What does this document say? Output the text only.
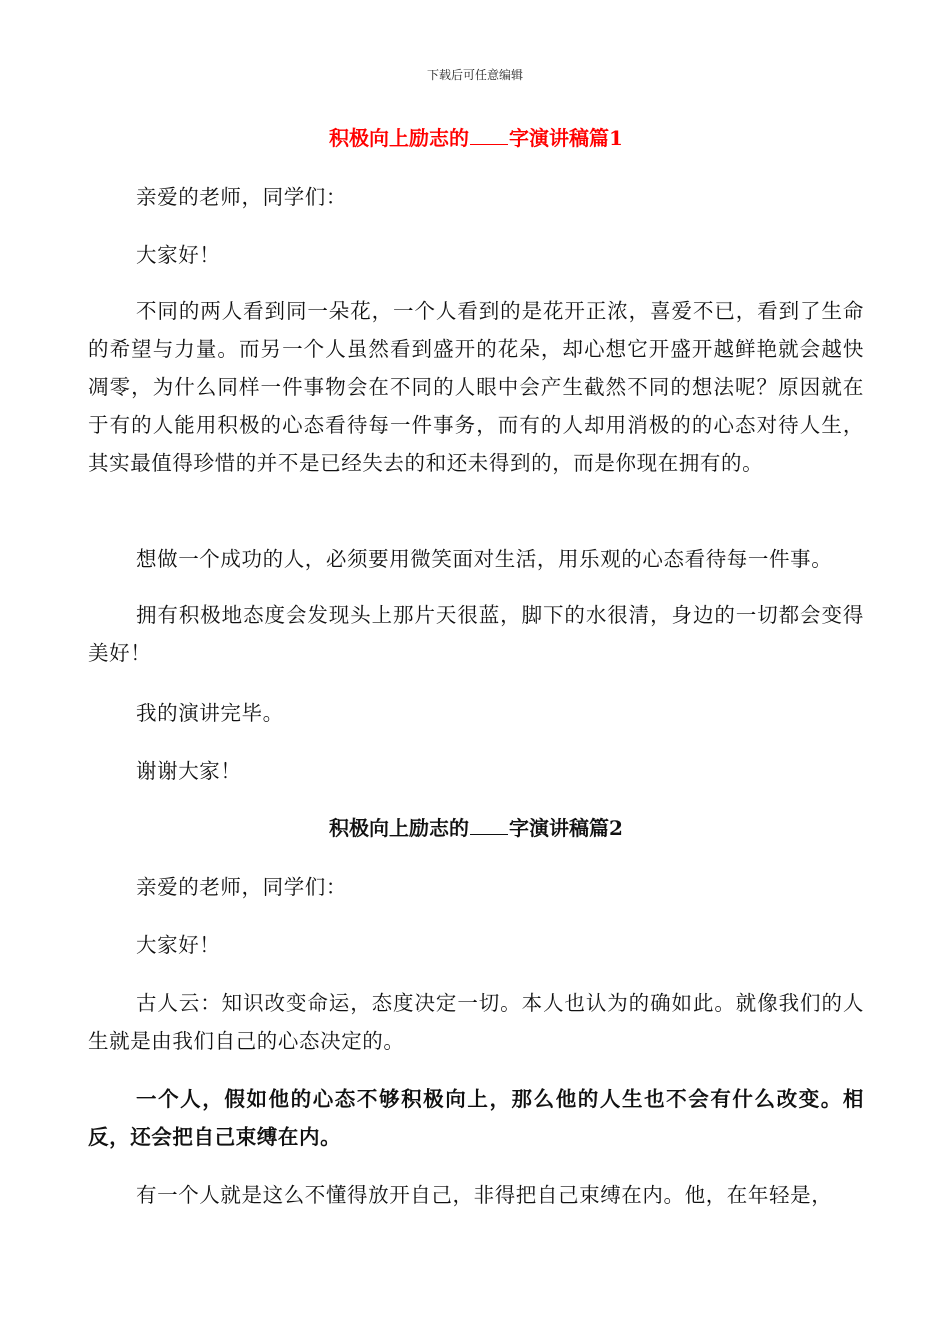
下载后可任意编辑
积极向上励志的 字演讲稿篇1
亲爱的老师，同学们：
大家好！
不同的两人看到同一朵花，一个人看到的是花开正浓，喜爱不已，看到了生命的希望与力量。而另一个人虽然看到盛开的花朵，却心想它开盛开越鲜艳就会越快凋零，为什么同样一件事物会在不同的人眼中会产生截然不同的想法呢？原因就在于有的人能用积极的心态看待每一件事务，而有的人却用消极的的心态对待人生，其实最值得珍惜的并不是已经失去的和还未得到的，而是你现在拥有的。
想做一个成功的人，必须要用微笑面对生活，用乐观的心态看待每一件事。
拥有积极地态度会发现头上那片天很蓝，脚下的水很清，身边的一切都会变得美好！
我的演讲完毕。
谢谢大家！
积极向上励志的 字演讲稿篇2
亲爱的老师，同学们：
大家好！
古人云：知识改变命运，态度决定一切。本人也认为的确如此。就像我们的人生就是由我们自己的心态决定的。
一个人，假如他的心态不够积极向上，那么他的人生也不会有什么改变。相反，还会把自己束缚在内。
有一个人就是这么不懂得放开自己，非得把自己束缚在内。他，在年轻是，
